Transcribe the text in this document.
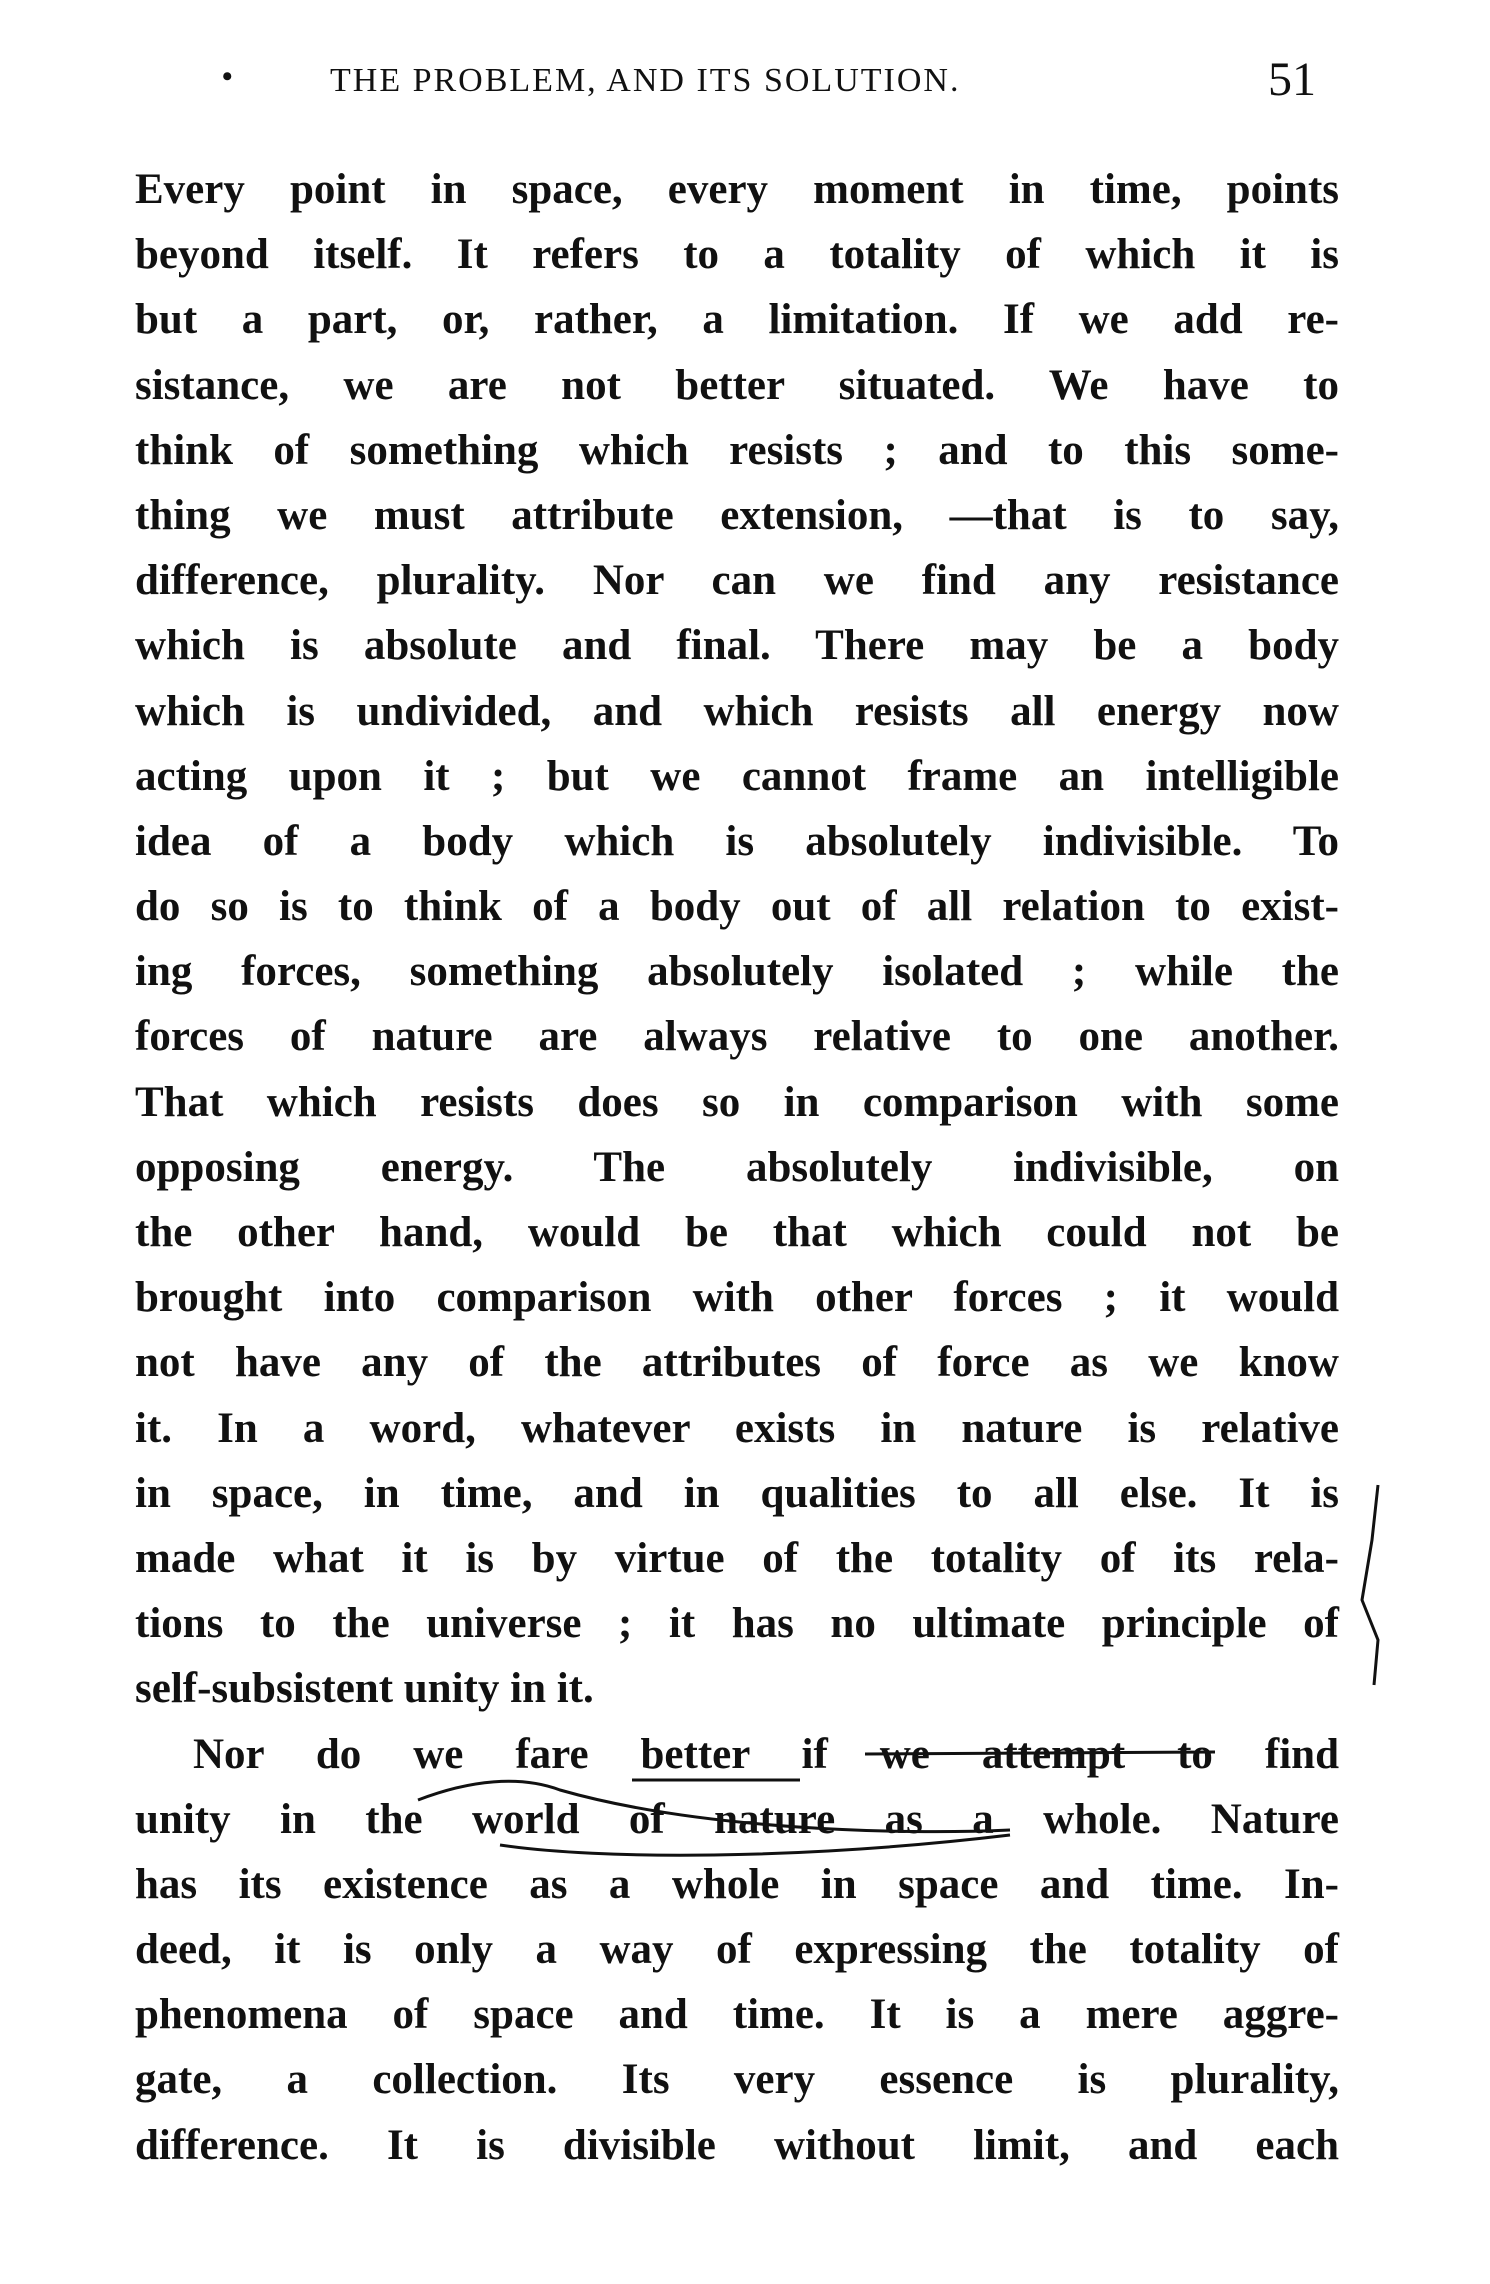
•	THE PROBLEM, AND ITS SOLUTION.	51
Every point in space, every moment in time, points
beyond itself. It refers to a totality of which it is
but a part, or, rather, a limitation. If we add re-
sistance, we are not better situated. We have to
think of something which resists ; and to this some-
thing we must attribute extension, —that is to say,
difference, plurality. Nor can we find any resistance
which is absolute and final. There may be a body
which is undivided, and which resists all energy now
acting upon it ; but we cannot frame an intelligible
idea of a body which is absolutely indivisible. To
do so is to think of a body out of all relation to exist-
ing forces, something absolutely isolated ; while the
forces of nature are always relative to one another.
That which resists does so in comparison with some
opposing energy. The absolutely indivisible, on
the other hand, would be that which could not be
brought into comparison with other forces ; it would
not have any of the attributes of force as we know
it. In a word, whatever exists in nature is relative
in space, in time, and in qualities to all else. It is
made what it is by virtue of the totality of its rela-
tions to the universe ; it has no ultimate principle of
self-subsistent unity in it.
Nor do we fare better if we attempt to find
unity in the world of nature as a whole. Nature
has its existence as a whole in space and time. In-
deed, it is only a way of expressing the totality of
phenomena of space and time. It is a mere aggre-
gate, a collection. Its very essence is plurality,
difference. It is divisible without limit, and each
